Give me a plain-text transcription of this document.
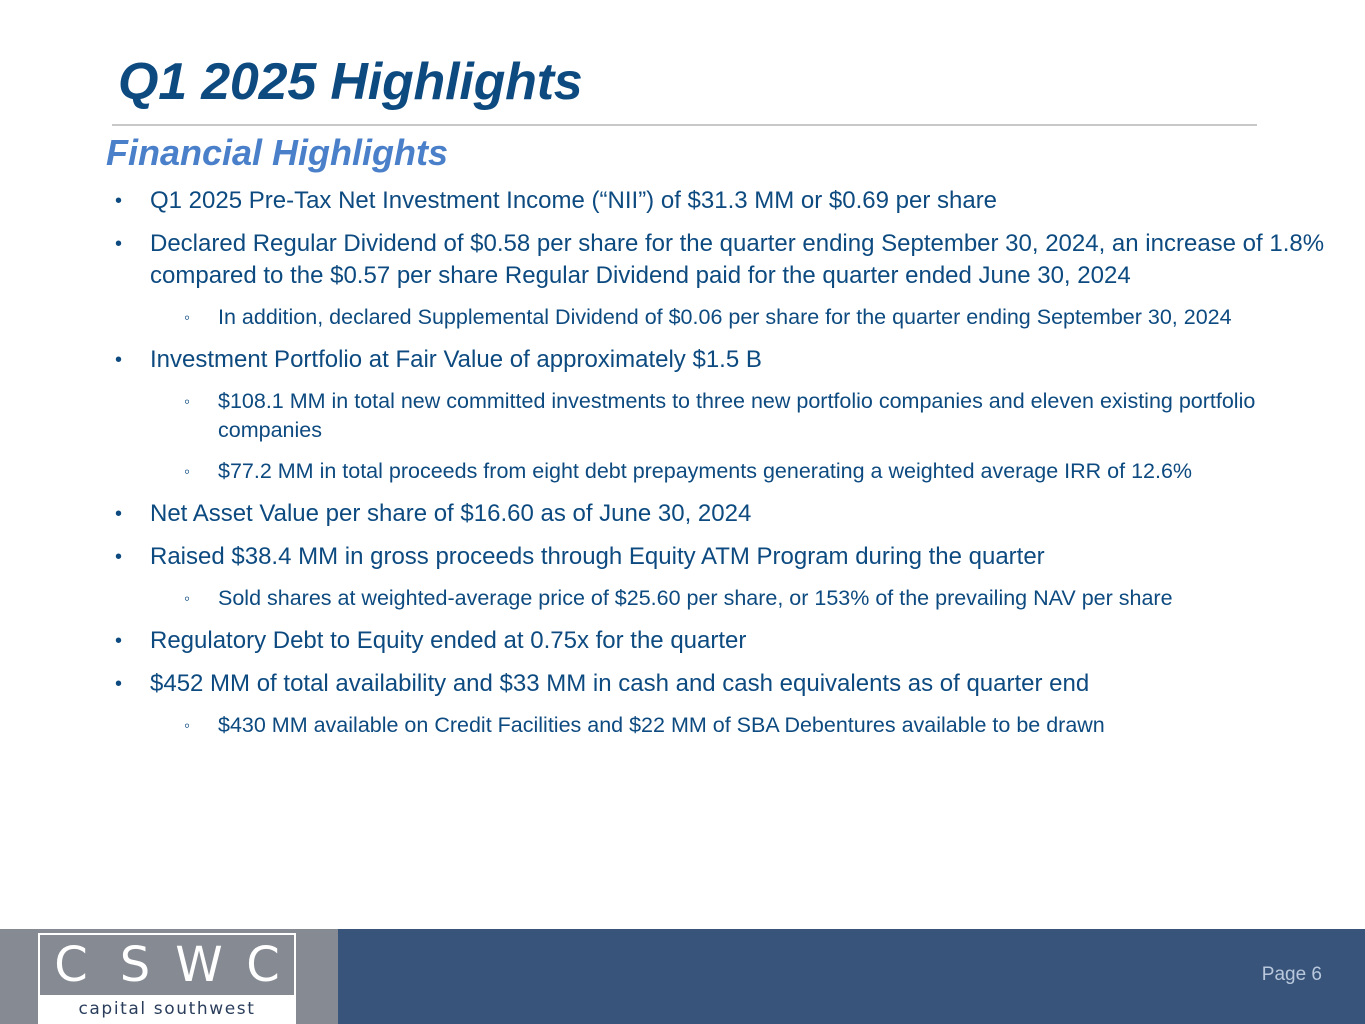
Q1 2025 Highlights
Financial Highlights
• Q1 2025 Pre-Tax Net Investment Income (“NII”) of $31.3 MM or $0.69 per share
• Declared Regular Dividend of $0.58 per share for the quarter ending September 30, 2024, an increase of 1.8% compared to the $0.57 per share Regular Dividend paid for the quarter ended June 30, 2024
◦ In addition, declared Supplemental Dividend of $0.06 per share for the quarter ending September 30, 2024
• Investment Portfolio at Fair Value of approximately $1.5 B
◦ $108.1 MM in total new committed investments to three new portfolio companies and eleven existing portfolio companies
◦ $77.2 MM in total proceeds from eight debt prepayments generating a weighted average IRR of 12.6%
• Net Asset Value per share of $16.60 as of June 30, 2024
• Raised $38.4 MM in gross proceeds through Equity ATM Program during the quarter
◦ Sold shares at weighted-average price of $25.60 per share, or 153% of the prevailing NAV per share
• Regulatory Debt to Equity ended at 0.75x for the quarter
• $452 MM of total availability and $33 MM in cash and cash equivalents as of quarter end
◦ $430 MM available on Credit Facilities and $22 MM of SBA Debentures available to be drawn
C S W C
capital southwest
Page 6
